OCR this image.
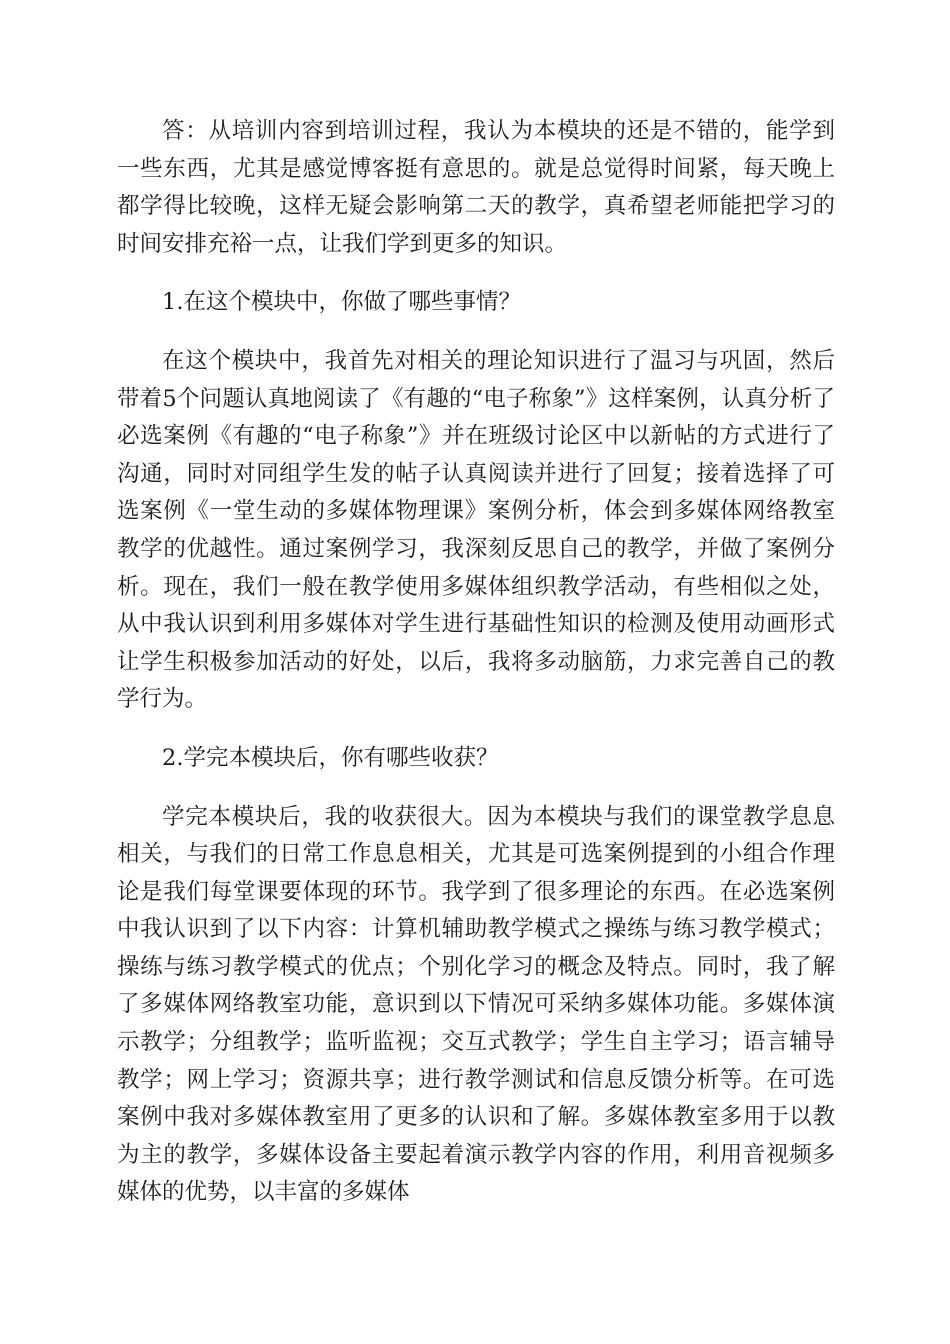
答：从培训内容到培训过程，我认为本模块的还是不错的，能学到一些东西，尤其是感觉博客挺有意思的。就是总觉得时间紧，每天晚上都学得比较晚，这样无疑会影响第二天的教学，真希望老师能把学习的时间安排充裕一点，让我们学到更多的知识。

1.在这个模块中，你做了哪些事情？

在这个模块中，我首先对相关的理论知识进行了温习与巩固，然后带着5个问题认真地阅读了《有趣的“电子称象”》这样案例，认真分析了必选案例《有趣的“电子称象”》并在班级讨论区中以新帖的方式进行了沟通，同时对同组学生发的帖子认真阅读并进行了回复；接着选择了可选案例《一堂生动的多媒体物理课》案例分析，体会到多媒体网络教室教学的优越性。通过案例学习，我深刻反思自己的教学，并做了案例分析。现在，我们一般在教学使用多媒体组织教学活动，有些相似之处，从中我认识到利用多媒体对学生进行基础性知识的检测及使用动画形式让学生积极参加活动的好处，以后，我将多动脑筋，力求完善自己的教学行为。

2.学完本模块后，你有哪些收获？

学完本模块后，我的收获很大。因为本模块与我们的课堂教学息息相关，与我们的日常工作息息相关，尤其是可选案例提到的小组合作理论是我们每堂课要体现的环节。我学到了很多理论的东西。在必选案例中我认识到了以下内容：计算机辅助教学模式之操练与练习教学模式；操练与练习教学模式的优点；个别化学习的概念及特点。同时，我了解了多媒体网络教室功能，意识到以下情况可采纳多媒体功能。多媒体演示教学；分组教学；监听监视；交互式教学；学生自主学习；语言辅导教学；网上学习；资源共享；进行教学测试和信息反馈分析等。在可选案例中我对多媒体教室用了更多的认识和了解。多媒体教室多用于以教为主的教学，多媒体设备主要起着演示教学内容的作用，利用音视频多媒体的优势，以丰富的多媒体
